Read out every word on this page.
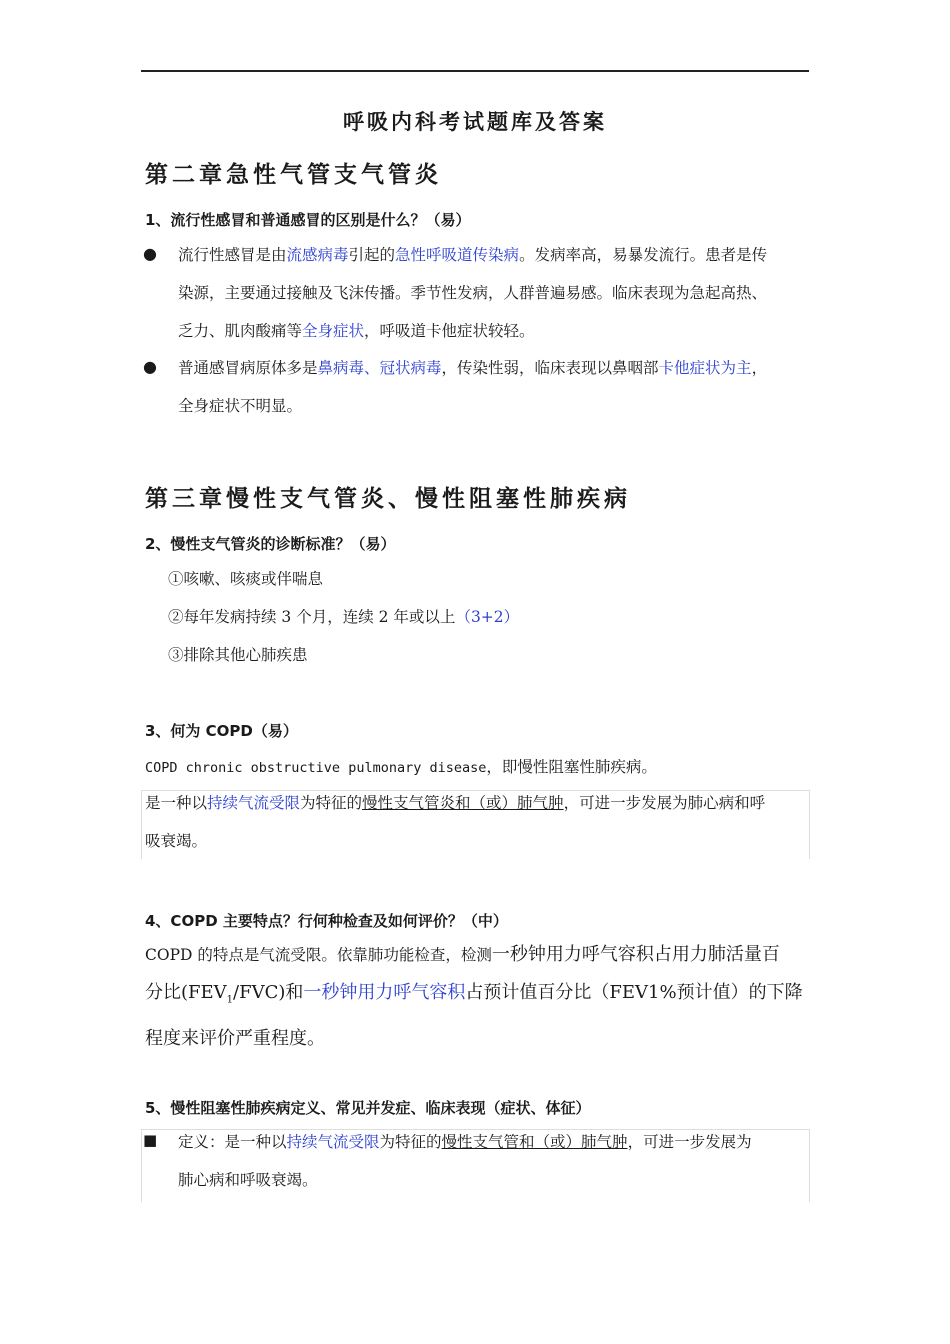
呼吸内科考试题库及答案
第二章急性气管支气管炎
1、流行性感冒和普通感冒的区别是什么？（易）
● 流行性感冒是由流感病毒引起的急性呼吸道传染病。发病率高，易暴发流行。患者是传
染源，主要通过接触及飞沫传播。季节性发病，人群普遍易感。临床表现为急起高热、
乏力、肌肉酸痛等全身症状，呼吸道卡他症状较轻。
● 普通感冒病原体多是鼻病毒、冠状病毒，传染性弱，临床表现以鼻咽部卡他症状为主，
全身症状不明显。
第三章慢性支气管炎、慢性阻塞性肺疾病
2、慢性支气管炎的诊断标准？（易）
①咳嗽、咳痰或伴喘息
②每年发病持续 3 个月，连续 2 年或以上（3+2）
③排除其他心肺疾患
3、何为 COPD（易）
COPD chronic obstructive pulmonary disease，即慢性阻塞性肺疾病。
是一种以持续气流受限为特征的慢性支气管炎和（或）肺气肿，可进一步发展为肺心病和呼
吸衰竭。
4、COPD 主要特点？行何种检查及如何评价？（中）
COPD 的特点是气流受限。依靠肺功能检查，检测一秒钟用力呼气容积占用力肺活量百
分比$(FEV_1/FVC)$和一秒钟用力呼气容积占预计值百分比（FEV1%预计值）的下降
程度来评价严重程度。
5、慢性阻塞性肺疾病定义、常见并发症、临床表现（症状、体征）
■ 定义：是一种以持续气流受限为特征的慢性支气管和（或）肺气肿，可进一步发展为
肺心病和呼吸衰竭。
